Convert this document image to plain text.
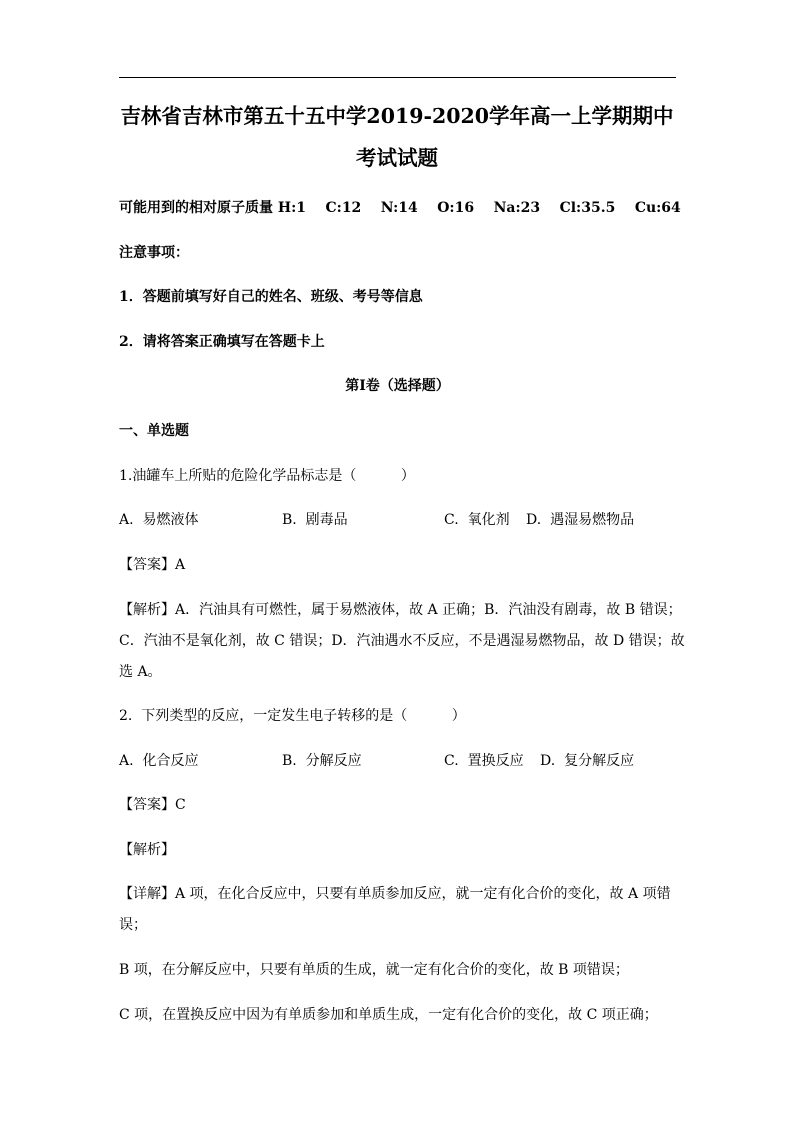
吉林省吉林市第五十五中学2019-2020学年高一上学期期中
考试试题
可能用到的相对原子质量 H:1    C:12    N:14    O:16    Na:23    Cl:35.5    Cu:64
注意事项：
1．答题前填写好自己的姓名、班级、考号等信息
2．请将答案正确填写在答题卡上
第I卷（选择题）
一、单选题
1.油罐车上所贴的危险化学品标志是（          ）
A.  易燃液体	B.  剧毒品	C.  氧化剂 D.  遇湿易燃物品
【答案】A
【解析】A．汽油具有可燃性，属于易燃液体，故 A 正确；B．汽油没有剧毒，故 B 错误；
C．汽油不是氧化剂，故 C 错误；D．汽油遇水不反应，不是遇湿易燃物品，故 D 错误；故
选 A。
2.  下列类型的反应，一定发生电子转移的是（          ）
A.  化合反应	B.  分解反应	C.  置换反应 D.  复分解反应
【答案】C
【解析】
【详解】A 项，在化合反应中，只要有单质参加反应，就一定有化合价的变化，故 A 项错
误；
B 项，在分解反应中，只要有单质的生成，就一定有化合价的变化，故 B 项错误；
C 项，在置换反应中因为有单质参加和单质生成，一定有化合价的变化，故 C 项正确；
